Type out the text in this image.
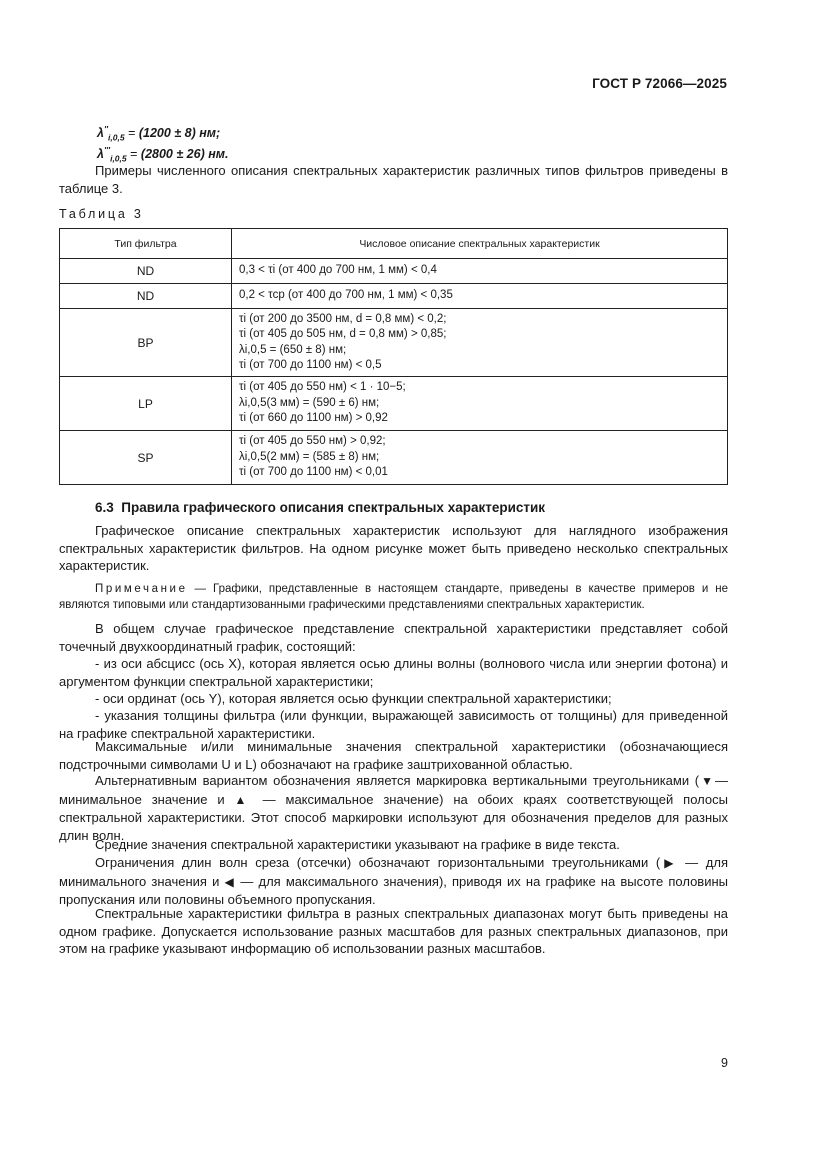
ГОСТ Р 72066—2025
$\lambda''_{i,0,5} = (1200 \pm 8)$ нм;
$\lambda'''_{i,0,5} = (2800 \pm 26)$ нм.
Примеры численного описания спектральных характеристик различных типов фильтров приведены в таблице 3.
Таблица 3
Тип фильтра	Числовое описание спектральных характеристик
ND	0,3 < τi (от 400 до 700 нм, 1 мм) < 0,4

ND	0,2 < τср (от 400 до 700 нм, 1 мм) < 0,35

BP	τi (от 200 до 3500 нм, d = 0,8 мм) < 0,2;
τi (от 405 до 505 нм, d = 0,8 мм) > 0,85;
λi,0,5 = (650 ± 8) нм;
τi (от 700 до 1100 нм) < 0,5

LP	τi (от 405 до 550 нм) < 1 · 10−5;
λi,0,5(3 мм) = (590 ± 6) нм;
τi (от 660 до 1100 нм) > 0,92

SP	τi (от 405 до 550 нм) > 0,92;
λi,0,5(2 мм) = (585 ± 8) нм;
τi (от 700 до 1100 нм) < 0,01
6.3 Правила графического описания спектральных характеристик
Графическое описание спектральных характеристик используют для наглядного изображения спектральных характеристик фильтров. На одном рисунке может быть приведено несколько спектральных характеристик.
Примечание — Графики, представленные в настоящем стандарте, приведены в качестве примеров и не являются типовыми или стандартизованными графическими представлениями спектральных характеристик.
В общем случае графическое представление спектральной характеристики представляет собой точечный двухкоординатный график, состоящий:
- из оси абсцисс (ось X), которая является осью длины волны (волнового числа или энергии фотона) и аргументом функции спектральной характеристики;
- оси ординат (ось Y), которая является осью функции спектральной характеристики;
- указания толщины фильтра (или функции, выражающей зависимость от толщины) для приведенной на графике спектральной характеристики.
Максимальные и/или минимальные значения спектральной характеристики (обозначающиеся подстрочными символами U и L) обозначают на графике заштрихованной областью.
Альтернативным вариантом обозначения является маркировка вертикальными треугольниками (▼— минимальное значение и ▲ — максимальное значение) на обоих краях соответствующей полосы спектральной характеристики. Этот способ маркировки используют для обозначения пределов для разных длин волн.
Средние значения спектральной характеристики указывают на графике в виде текста.
Ограничения длин волн среза (отсечки) обозначают горизонтальными треугольниками (▶ — для минимального значения и ◀ — для максимального значения), приводя их на графике на высоте половины пропускания или половины объемного пропускания.
Спектральные характеристики фильтра в разных спектральных диапазонах могут быть приведены на одном графике. Допускается использование разных масштабов для разных спектральных диапазонов, при этом на графике указывают информацию об использовании разных масштабов.
9
